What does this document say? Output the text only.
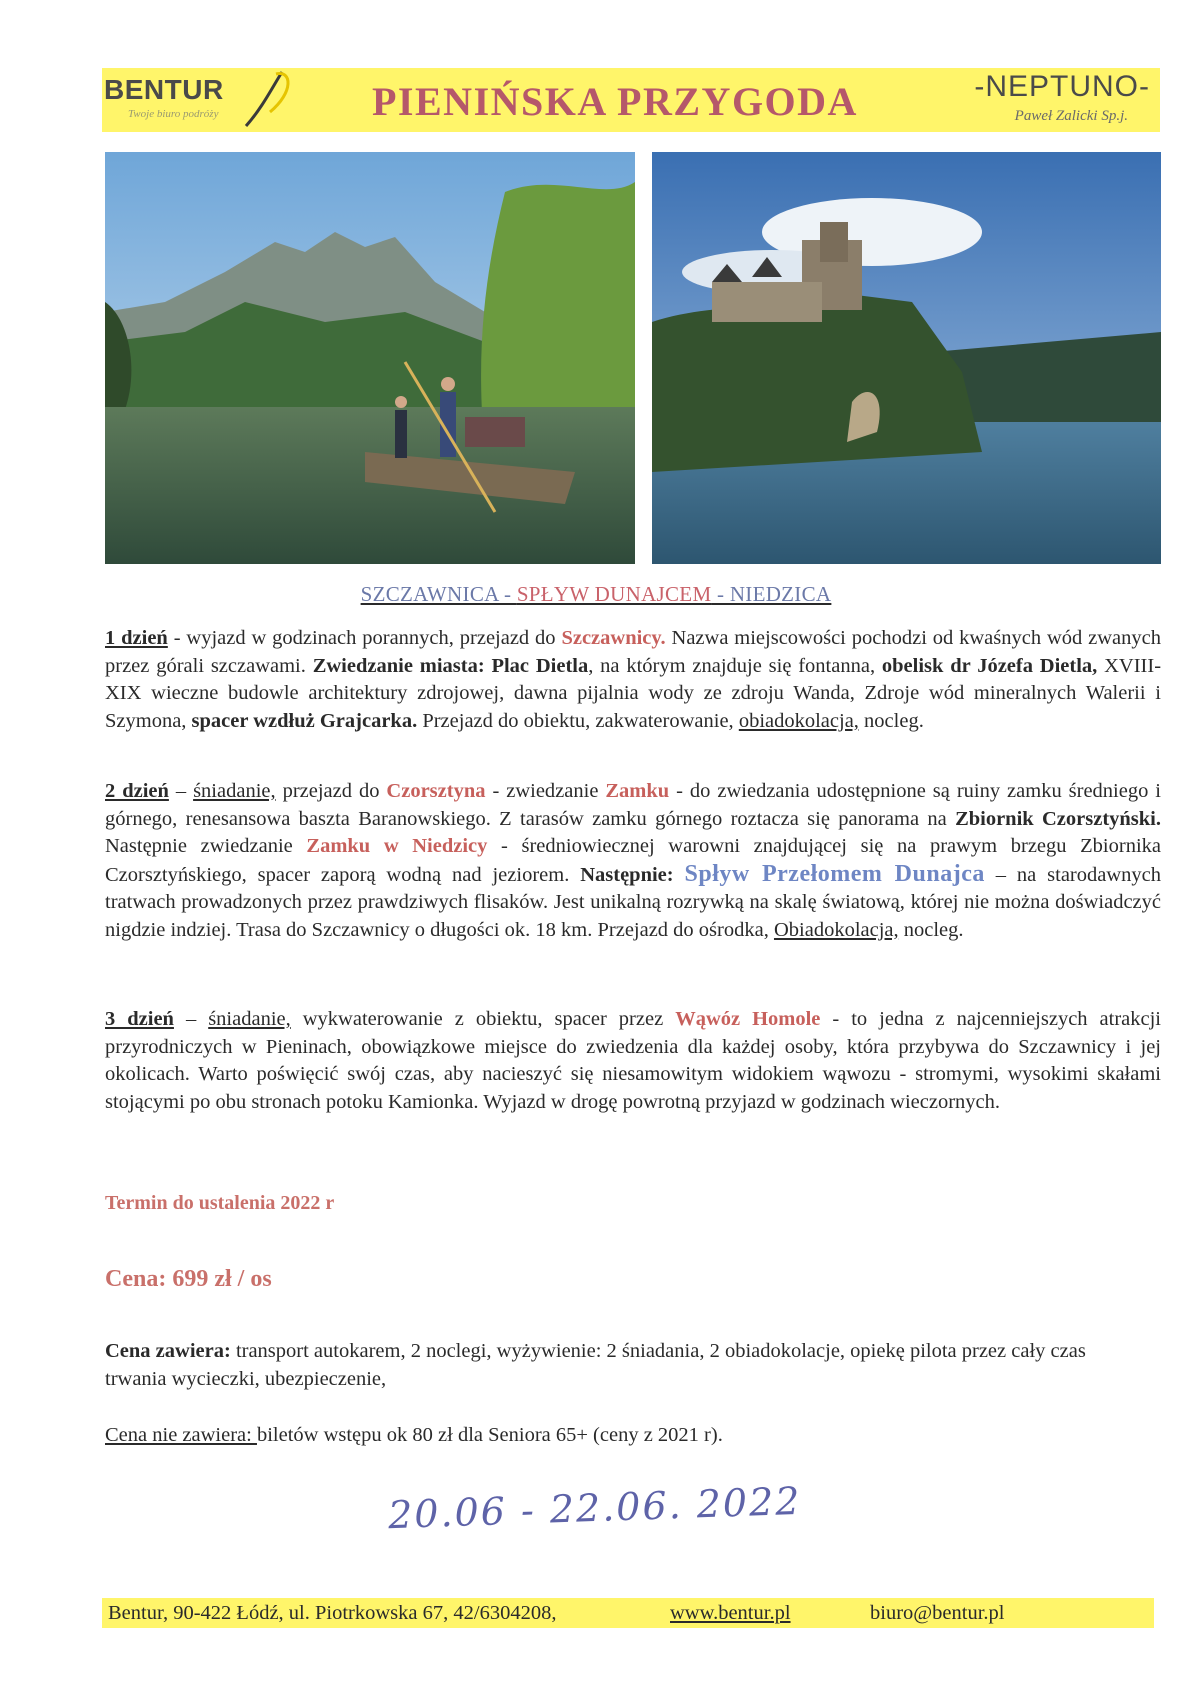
BENTUR
Twoje biuro podróży	PIENIŃSKA PRZYGODA	-NEPTUNO-
Paweł Zalicki Sp.j.
SZCZAWNICA - SPŁYW DUNAJCEM - NIEDZICA

1 dzień - wyjazd w godzinach porannych, przejazd do Szczawnicy. Nazwa miejscowości pochodzi od kwaśnych wód zwanych przez górali szczawami. Zwiedzanie miasta: Plac Dietla, na którym znajduje się fontanna, obelisk dr Józefa Dietla, XVIII-XIX wieczne budowle architektury zdrojowej, dawna pijalnia wody ze zdroju Wanda, Zdroje wód mineralnych Walerii i Szymona, spacer wzdłuż Grajcarka. Przejazd do obiektu, zakwaterowanie, obiadokolacja, nocleg.

2 dzień – śniadanie, przejazd do Czorsztyna - zwiedzanie Zamku - do zwiedzania udostępnione są ruiny zamku średniego i górnego, renesansowa baszta Baranowskiego. Z tarasów zamku górnego roztacza się panorama na Zbiornik Czorsztyński. Następnie zwiedzanie Zamku w Niedzicy - średniowiecznej warowni znajdującej się na prawym brzegu Zbiornika Czorsztyńskiego, spacer zaporą wodną nad jeziorem. Następnie: Spływ Przełomem Dunajca – na starodawnych tratwach prowadzonych przez prawdziwych flisaków. Jest unikalną rozrywką na skalę światową, której nie można doświadczyć nigdzie indziej. Trasa do Szczawnicy o długości ok. 18 km. Przejazd do ośrodka, Obiadokolacja, nocleg.

3 dzień – śniadanie, wykwaterowanie z obiektu, spacer przez Wąwóz Homole - to jedna z najcenniejszych atrakcji przyrodniczych w Pieninach, obowiązkowe miejsce do zwiedzenia dla każdej osoby, która przybywa do Szczawnicy i jej okolicach. Warto poświęcić swój czas, aby nacieszyć się niesamowitym widokiem wąwozu - stromymi, wysokimi skałami stojącymi po obu stronach potoku Kamionka. Wyjazd w drogę powrotną przyjazd w godzinach wieczornych.

Termin do ustalenia 2022 r
Cena: 699 zł / os

Cena zawiera: transport autokarem, 2 noclegi, wyżywienie: 2 śniadania, 2 obiadokolacje, opiekę pilota przez cały czas trwania wycieczki, ubezpieczenie,

Cena nie zawiera: biletów wstępu ok 80 zł dla Seniora 65+ (ceny z 2021 r).

20.06 - 22.06. 2022
Bentur, 90-422 Łódź, ul. Piotrkowska 67, 42/6304208,	www.bentur.pl	biuro@bentur.pl
